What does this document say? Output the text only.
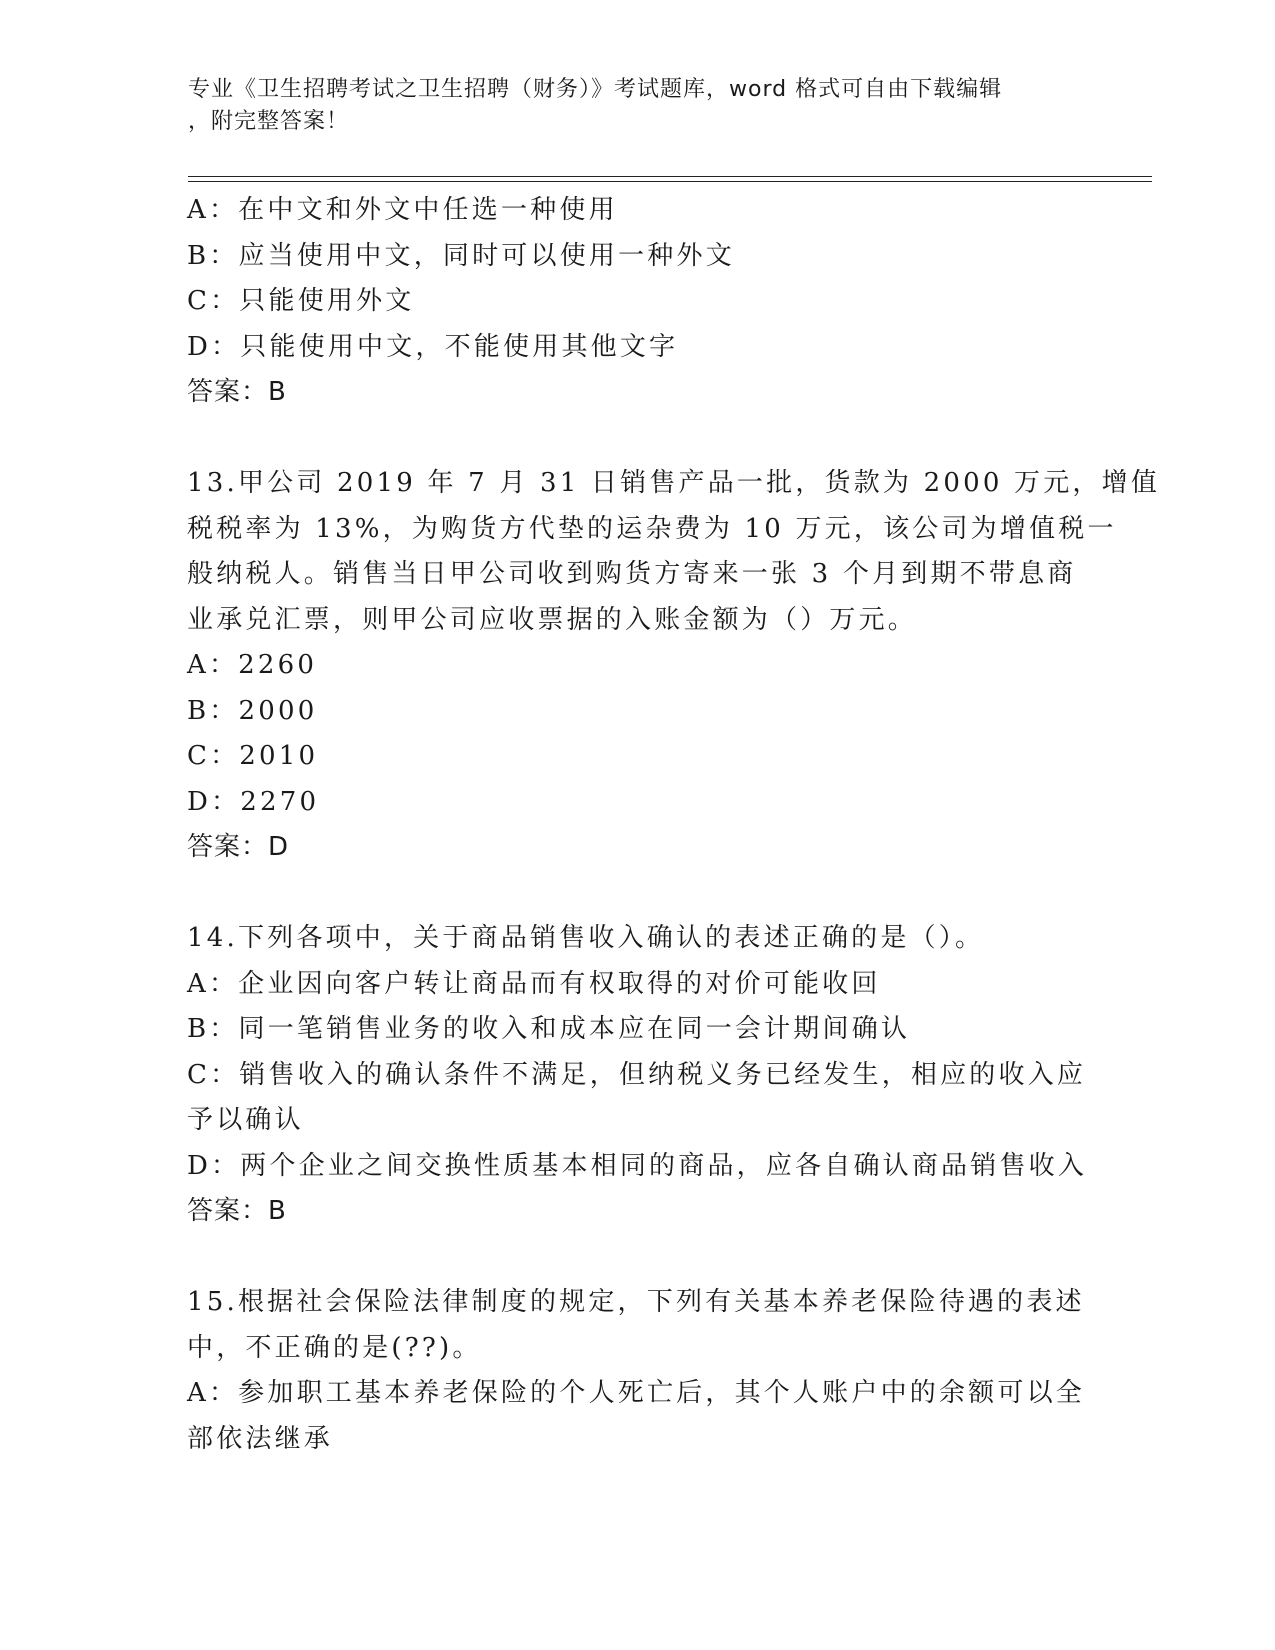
专业《卫生招聘考试之卫生招聘（财务）》考试题库，word 格式可自由下载编辑
，附完整答案！
A：在中文和外文中任选一种使用
B：应当使用中文，同时可以使用一种外文
C：只能使用外文
D：只能使用中文，不能使用其他文字
答案：B
13.甲公司 2019 年 7 月 31 日销售产品一批，货款为 2000 万元，增值
税税率为 13%，为购货方代垫的运杂费为 10 万元，该公司为增值税一
般纳税人。销售当日甲公司收到购货方寄来一张 3 个月到期不带息商
业承兑汇票，则甲公司应收票据的入账金额为（）万元。
A：2260
B：2000
C：2010
D：2270
答案：D
14.下列各项中，关于商品销售收入确认的表述正确的是（）。
A：企业因向客户转让商品而有权取得的对价可能收回
B：同一笔销售业务的收入和成本应在同一会计期间确认
C：销售收入的确认条件不满足，但纳税义务已经发生，相应的收入应
予以确认
D：两个企业之间交换性质基本相同的商品，应各自确认商品销售收入
答案：B
15.根据社会保险法律制度的规定，下列有关基本养老保险待遇的表述
中，不正确的是(??)。
A：参加职工基本养老保险的个人死亡后，其个人账户中的余额可以全
部依法继承
